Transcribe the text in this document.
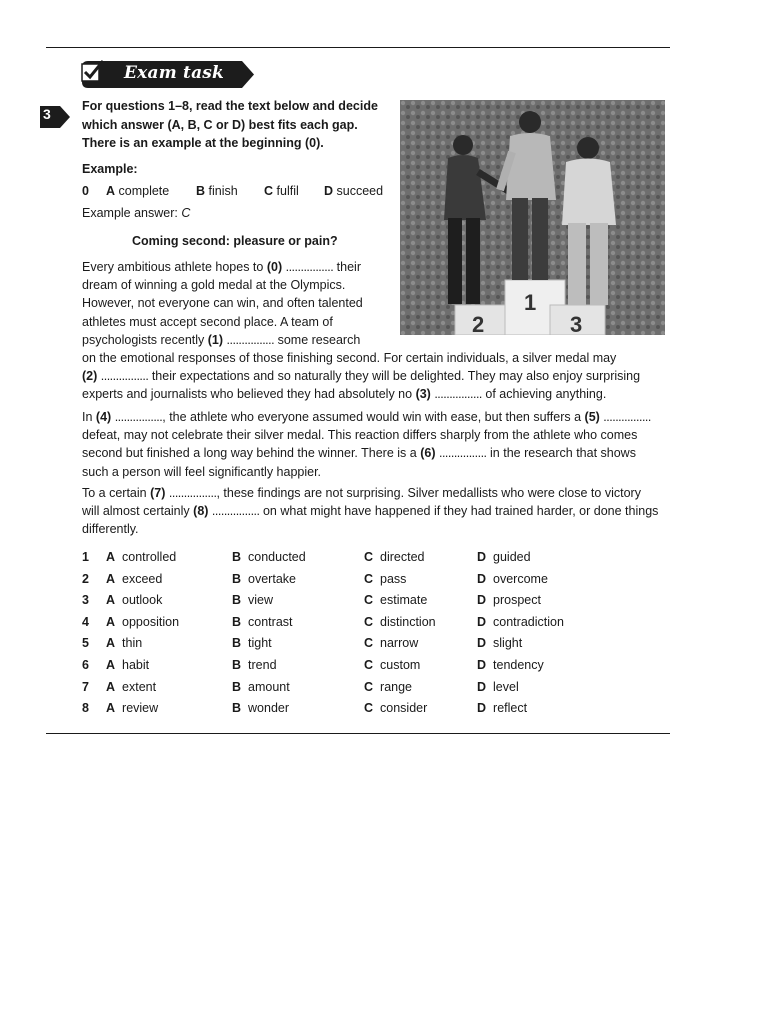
Exam task
3 For questions 1–8, read the text below and decide which answer (A, B, C or D) best fits each gap. There is an example at the beginning (0).
Example:
0 A complete B finish C fulfil D succeed
Example answer: C
Coming second: pleasure or pain?
2
1
3
Every ambitious athlete hopes to (0) ................ their
dream of winning a gold medal at the Olympics.
However, not everyone can win, and often talented
athletes must accept second place. A team of
psychologists recently (1) ................ some research
on the emotional responses of those finishing second. For certain individuals, a silver medal may
(2) ................ their expectations and so naturally they will be delighted. They may also enjoy surprising
experts and journalists who believed they had absolutely no (3) ................ of achieving anything.
In (4) ................, the athlete who everyone assumed would win with ease, but then suffers a (5) ................
defeat, may not celebrate their silver medal. This reaction differs sharply from the athlete who comes
second but finished a long way behind the winner. There is a (6) ................ in the research that shows
such a person will feel significantly happier.
To a certain (7) ................, these findings are not surprising. Silver medallists who were close to victory
will almost certainly (8) ................ on what might have happened if they had trained harder, or done things
differently.
1 A controlled	B conducted	C directed	D guided
2 A exceed	B overtake	C pass	D overcome
3 A outlook	B view	C estimate	D prospect
4 A opposition	B contrast	C distinction	D contradiction
5 A thin	B tight	C narrow	D slight
6 A habit	B trend	C custom	D tendency
7 A extent	B amount	C range	D level
8 A review	B wonder	C consider	D reflect
